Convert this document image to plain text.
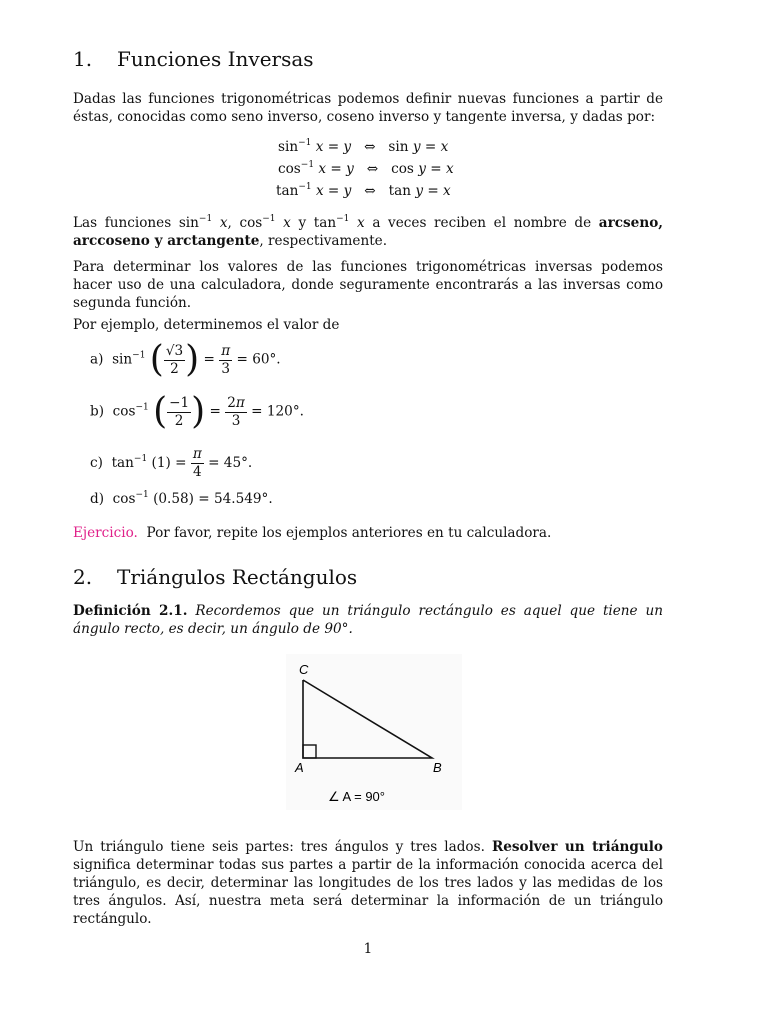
1. Funciones Inversas

Dadas las funciones trigonométricas podemos definir nuevas funciones a partir de éstas, conocidas como seno inverso, coseno inverso y tangente inversa, y dadas por:

$\sin^{-1} x = y$   ⇔   sin y = x
$\cos^{-1} x = y$   ⇔   cos y = x
$\tan^{-1} x = y$   ⇔   tan y = x

Las funciones $\sin^{-1} x$, $\cos^{-1} x$ y $\tan^{-1} x$ a veces reciben el nombre de arcseno, arccoseno y arctangente, respectivamente.

Para determinar los valores de las funciones trigonométricas inversas podemos hacer uso de una calculadora, donde seguramente encontrarás a las inversas como segunda función.

Por ejemplo, determinemos el valor de

a)  $\sin^{-1}$ ( $\frac{√3}{2}$ ) = $\frac{\pi}{3} = 60^\circ$.
b) $\cos^{-1}$ ( $\frac{-1}{2}$ ) = $\frac{2\pi}{3} = 120^\circ$.
c) $\tan^{-1} (1) = \frac{\pi}{4} = 45^\circ$.
d) $\cos^{-1} (0.58) = 54.549^\circ$.

Ejercicio. Por favor, repite los ejemplos anteriores en tu calculadora.

2. Triángulos Rectángulos

Definición 2.1. Recordemos que un triángulo rectángulo es aquel que tiene un ángulo recto, es decir, un ángulo de 90°.

C
A	B
∠ A = 90°

Un triángulo tiene seis partes: tres ángulos y tres lados. Resolver un triángulo significa determinar todas sus partes a partir de la información conocida acerca del triángulo, es decir, determinar las longitudes de los tres lados y las medidas de los tres ángulos. Así, nuestra meta será determinar la información de un triángulo rectángulo.

1
